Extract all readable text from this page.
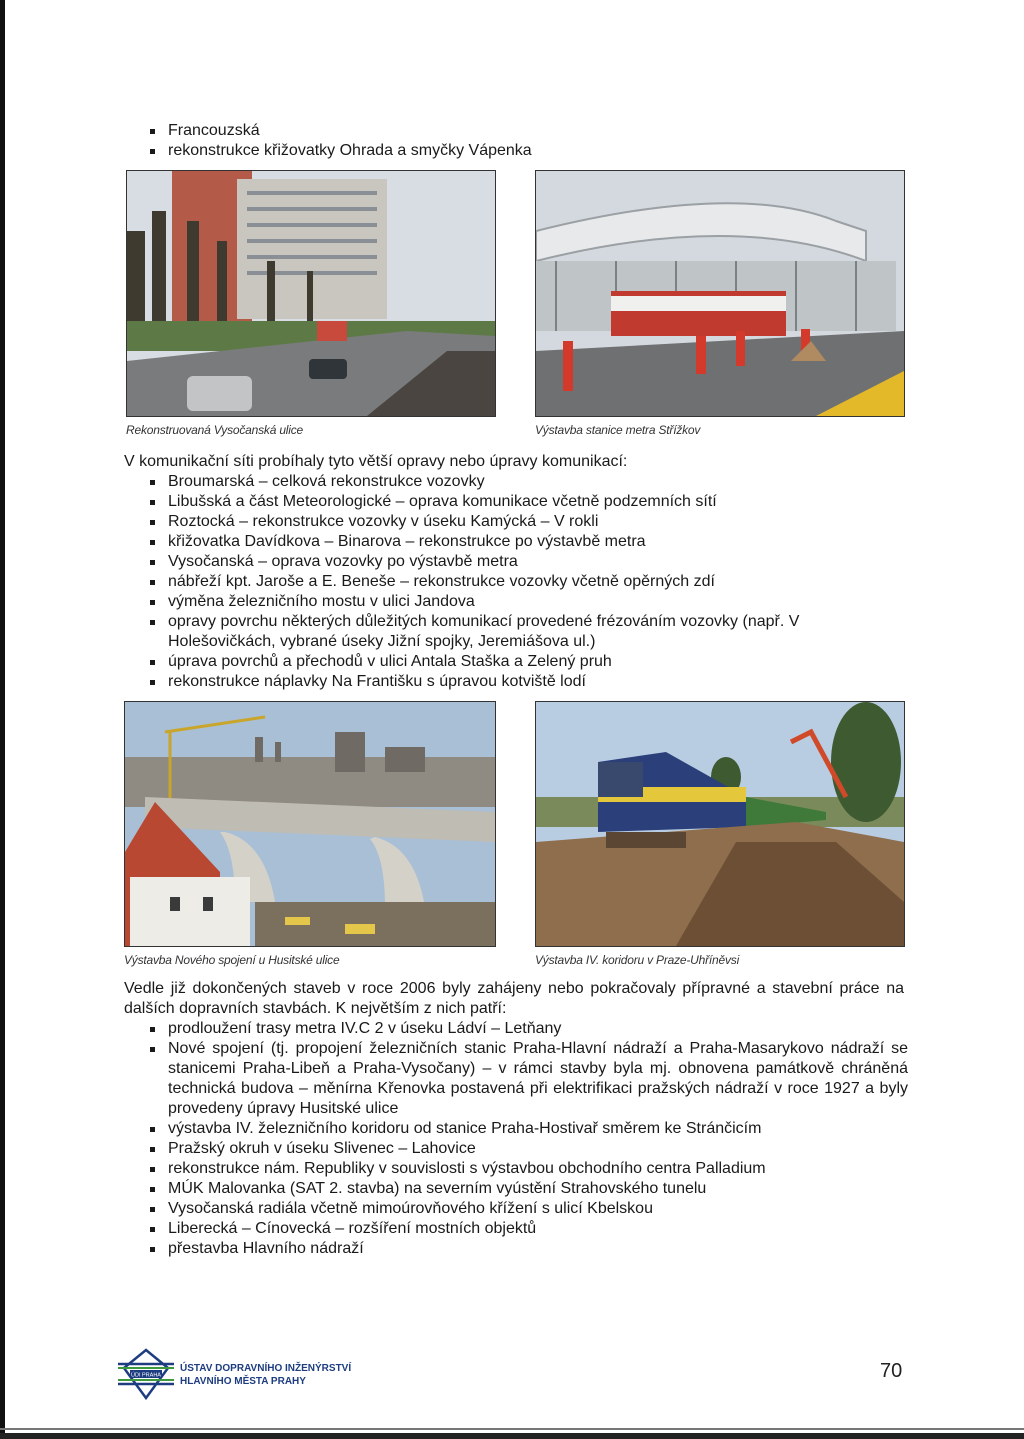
Francouzská
rekonstrukce křižovatky Ohrada a smyčky Vápenka
Rekonstruovaná Vysočanská ulice	Výstavba stanice metra Střížkov

V komunikační síti probíhaly tyto větší opravy nebo úpravy komunikací:

Broumarská – celková rekonstrukce vozovky
Libušská a část Meteorologické – oprava komunikace včetně podzemních sítí
Roztocká – rekonstrukce vozovky v úseku Kamýcká – V rokli
křižovatka Davídkova – Binarova – rekonstrukce po výstavbě metra
Vysočanská – oprava vozovky po výstavbě metra
nábřeží kpt. Jaroše a E. Beneše – rekonstrukce vozovky včetně opěrných zdí
výměna železničního mostu v ulici Jandova
opravy povrchu některých důležitých komunikací provedené frézováním vozovky (např. V Holešovičkách, vybrané úseky Jižní spojky, Jeremiášova ul.)
úprava povrchů a přechodů v ulici Antala Staška a Zelený pruh
rekonstrukce náplavky Na Františku s úpravou kotviště lodí
Výstavba Nového spojení u Husitské ulice	Výstavba IV. koridoru v Praze-Uhříněvsi

Vedle již dokončených staveb v roce 2006 byly zahájeny nebo pokračovaly přípravné a stavební práce na dalších dopravních stavbách. K největším z nich patří:

prodloužení trasy metra IV.C 2 v úseku Ládví – Letňany
Nové spojení (tj. propojení železničních stanic Praha-Hlavní nádraží a Praha-Masarykovo nádraží se stanicemi Praha-Libeň a Praha-Vysočany) – v rámci stavby byla mj. obnovena památkově chráněná technická budova – měnírna Křenovka postavená při elektrifikaci pražských nádraží v roce 1927 a byly provedeny úpravy Husitské ulice
výstavba IV. železničního koridoru od stanice Praha-Hostivař směrem ke Stránčicím
Pražský okruh v úseku Slivenec – Lahovice
rekonstrukce nám. Republiky v souvislosti s výstavbou obchodního centra Palladium
MÚK Malovanka (SAT 2. stavba) na severním vyústění Strahovského tunelu
Vysočanská radiála včetně mimoúrovňového křížení s ulicí Kbelskou
Liberecká – Cínovecká – rozšíření mostních objektů
přestavba Hlavního nádraží
ÚDI PRAHA
ÚSTAV DOPRAVNÍHO INŽENÝRSTVÍ
HLAVNÍHO MĚSTA PRAHY	70
